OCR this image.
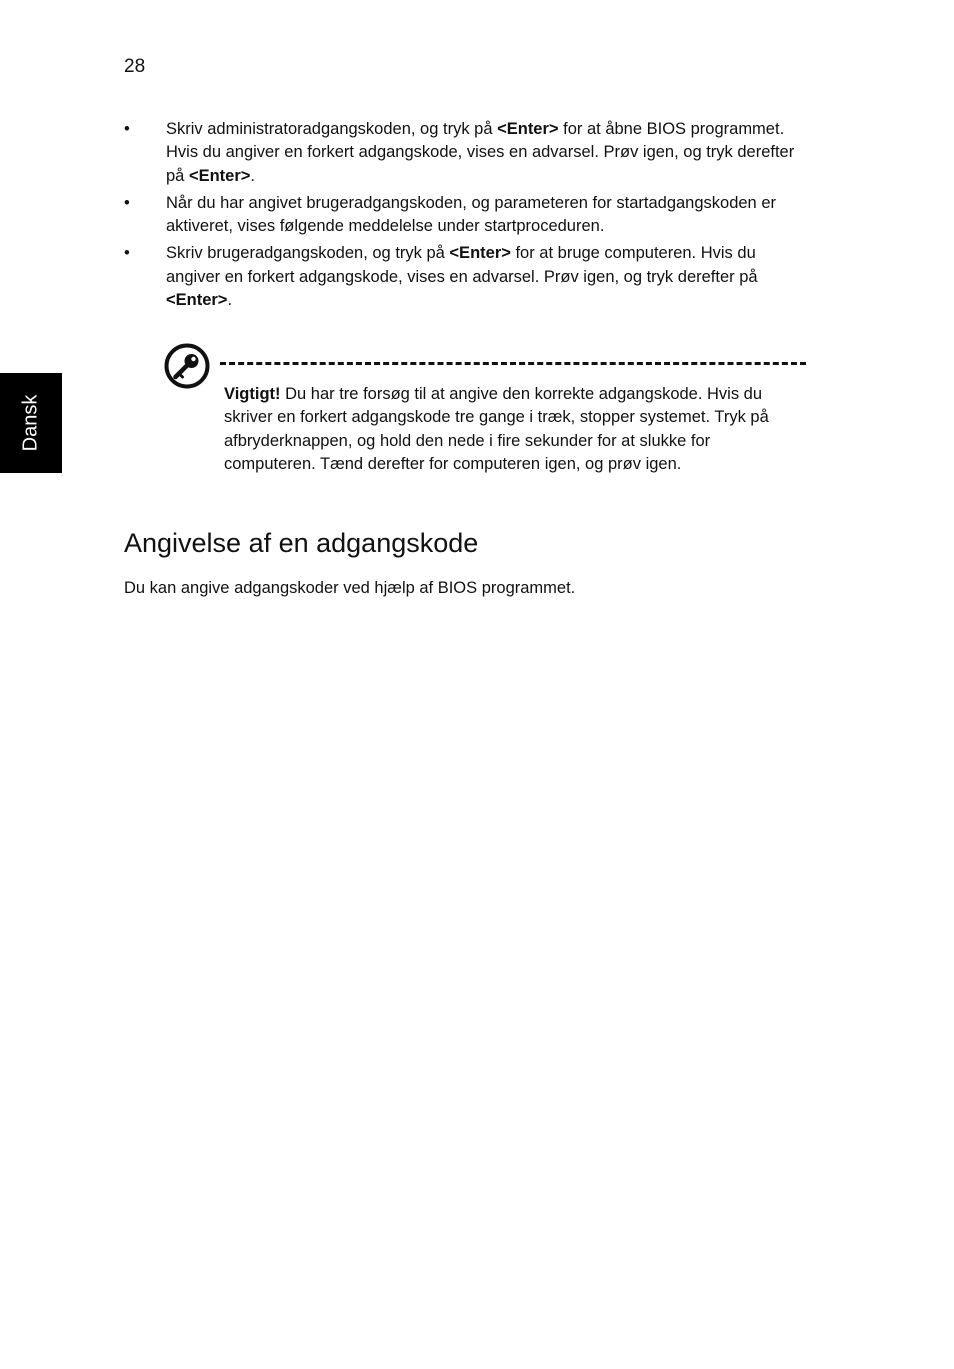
28
• Skriv administratoradgangskoden, og tryk på <Enter> for at åbne BIOS programmet. Hvis du angiver en forkert adgangskode, vises en advarsel. Prøv igen, og tryk derefter på <Enter>.
• Når du har angivet brugeradgangskoden, og parameteren for startadgangskoden er aktiveret, vises følgende meddelelse under startproceduren.
• Skriv brugeradgangskoden, og tryk på <Enter> for at bruge computeren. Hvis du angiver en forkert adgangskode, vises en advarsel. Prøv igen, og tryk derefter på <Enter>.
Dansk
Vigtigt! Du har tre forsøg til at angive den korrekte adgangskode. Hvis du skriver en forkert adgangskode tre gange i træk, stopper systemet. Tryk på afbryderknappen, og hold den nede i fire sekunder for at slukke for computeren. Tænd derefter for computeren igen, og prøv igen.
Angivelse af en adgangskode

Du kan angive adgangskoder ved hjælp af BIOS programmet.
